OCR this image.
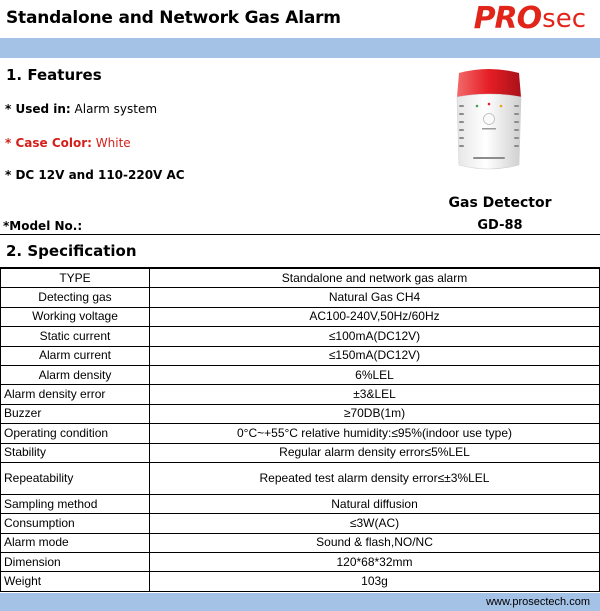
Standalone and Network Gas Alarm	PRO sec
1. Features
* Used in: Alarm system
* Case Color: White
* DC 12V and 110-220V AC
*Model No.:
Gas Detector
GD-88
2. Specification
TYPE	Standalone and network gas alarm
Detecting gas	Natural Gas CH4
Working voltage	AC100-240V,50Hz/60Hz
Static current	≤100mA(DC12V)
Alarm current	≤150mA(DC12V)
Alarm density	6%LEL
Alarm density error	±3&LEL
Buzzer	≥70DB(1m)
Operating condition	0°C~+55°C relative humidity:≤95%(indoor use type)
Stability	Regular alarm density error≤5%LEL
Repeatability	Repeated test alarm density error≤±3%LEL
Sampling method	Natural diffusion
Consumption	≤3W(AC)
Alarm mode	Sound & flash,NO/NC
Dimension	120*68*32mm
Weight	103g
www.prosectech.com
